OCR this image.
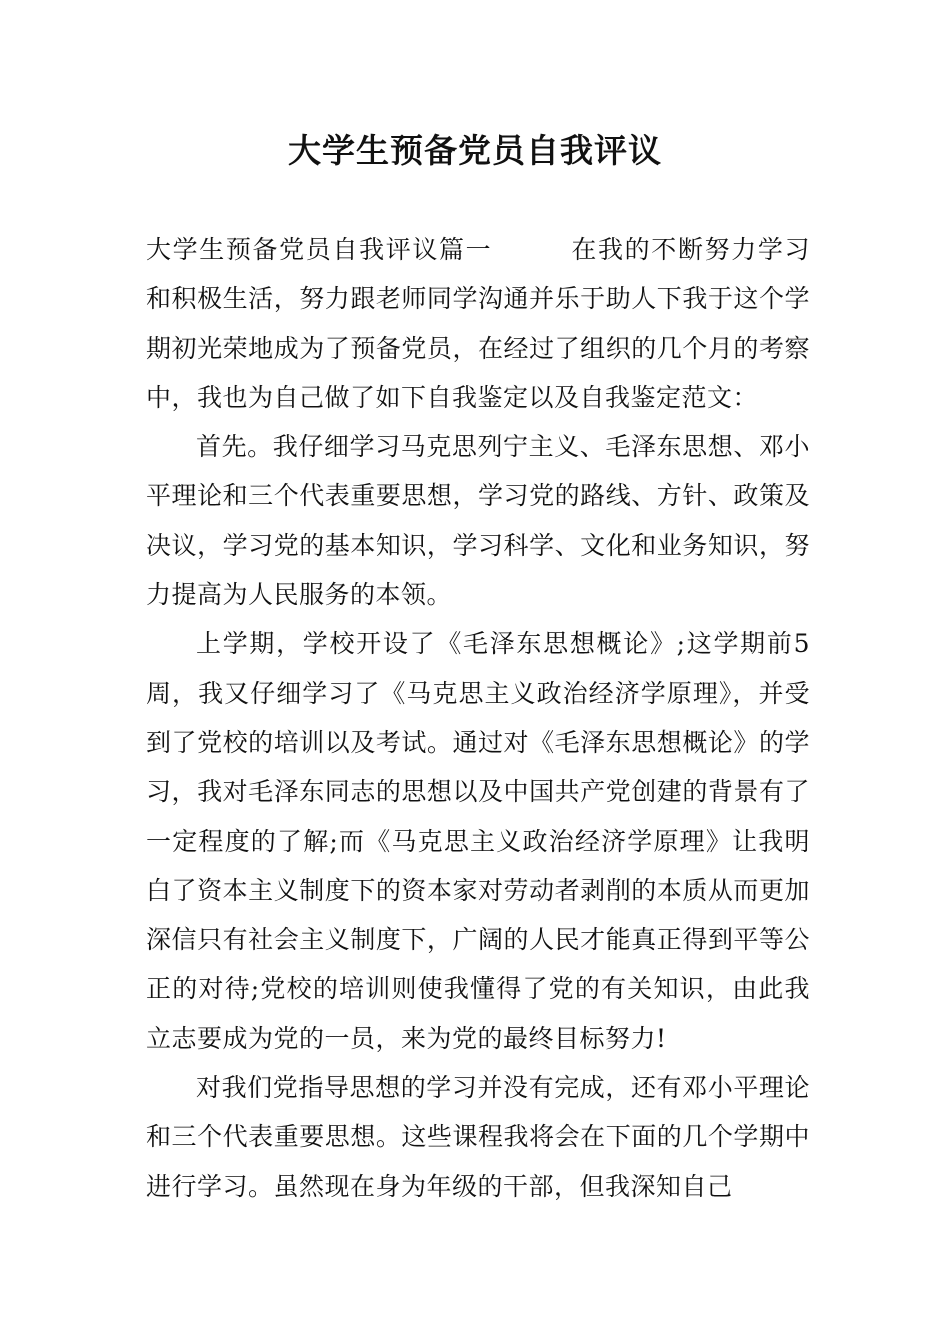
大学生预备党员自我评议

大学生预备党员自我评议篇一	在我的不断努力学习和积极生活，努力跟老师同学沟通并乐于助人下我于这个学期初光荣地成为了预备党员，在经过了组织的几个月的考察中，我也为自己做了如下自我鉴定以及自我鉴定范文：

首先。我仔细学习马克思列宁主义、毛泽东思想、邓小平理论和三个代表重要思想，学习党的路线、方针、政策及决议，学习党的基本知识，学习科学、文化和业务知识，努力提高为人民服务的本领。

上学期，学校开设了《毛泽东思想概论》;这学期前5周，我又仔细学习了《马克思主义政治经济学原理》，并受到了党校的培训以及考试。通过对《毛泽东思想概论》的学习，我对毛泽东同志的思想以及中国共产党创建的背景有了一定程度的了解;而《马克思主义政治经济学原理》让我明白了资本主义制度下的资本家对劳动者剥削的本质从而更加深信只有社会主义制度下，广阔的人民才能真正得到平等公正的对待;党校的培训则使我懂得了党的有关知识，由此我立志要成为党的一员，来为党的最终目标努力!

对我们党指导思想的学习并没有完成，还有邓小平理论和三个代表重要思想。这些课程我将会在下面的几个学期中进行学习。虽然现在身为年级的干部，但我深知自己
